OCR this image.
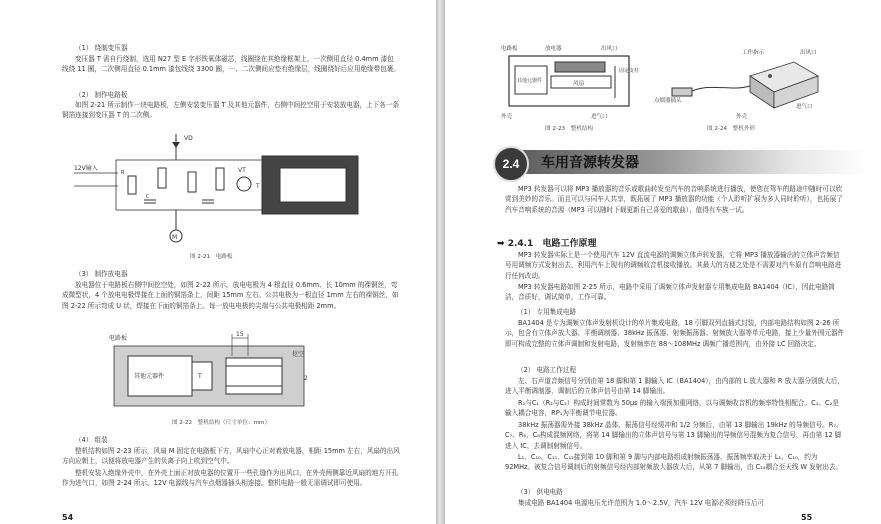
（1） 绕制变压器

变压器 T 需自行绕制，选用 N27 型 E 字形铁氧体磁芯，线圈绕在其绝缘框架上，一次侧用直径 0.4mm 漆包线绕 11 圈，二次侧用直径 0.1mm 漆包线绕 3300 圈，一、二次侧间应垫有绝缘层，线圈绕好后应用绝缘带包裹。

（2） 制作电路板

如图 2-21 所示制作一块电路板，左侧安装变压器 T 及其他元器件，右侧中间挖空用于安装放电器，上下各一条铜箔连接到变压器 T 的二次侧。

12V输入
VD
R
C
VT
T
M
图 2-21　电路板
（3） 制作放电器

放电器位于电路板右侧中间挖空处，如图 2-22 所示。放电电极为 4 根直径 0.6mm、长 10mm 的裸铜丝，弯成微型状，4 个放电电极焊接在上面的铜箔条上，间距 15mm 左右。公共电极为一根直径 1mm 左右的裸铜丝，如图 2-22 所示弯成 U 状，焊接在下面的铜箔条上。每一放电电极的尖端与公共电极相距 2mm。

电路板
其他元器件	T
15
挖空
2
图 2-22　整机结构（尺寸单位：mm）
（4） 组装

整机结构如图 2-23 所示，风扇 M 固定在电路板下方，风扇中心正对着放电器，相距 15mm 左右，风扇的出风方向应朝上，以便将放电器产生的负离子向上吹到空气中。

整机安装入绝缘外壳中，在外壳上面正对放电器的位置开一些孔缝作为出风口，在外壳两侧靠近风扇的地方开孔作为进气口，如图 2-24 所示。12V 电源线与汽车点烟器插头相连接。整机电路一般无需调试即可使用。

54
电路板	放电器	出风口
其他元器件	风扇
固定支柱
外壳	进气口
图 2-23　整机结构
工作指示	出风口
点烟器插头
外壳
进气口
图 2-24　整机外形
2.4	车用音源转发器

MP3 转发器可以将 MP3 播放器的音乐或歌曲转发至汽车的音响系统进行播放，使您在驾车的路途中随时可以欣赏到美妙的音乐。而且可以与同车人共享，既拓展了 MP3 播放器的功能（个人聆听扩展为多人同时聆听），也拓展了汽车音响系统的音源（MP3 可以随时下载更新自己喜爱的歌曲），值得有车族一试。

➡ 2.4.1 电路工作原理

MP3 转发器实际上是一个使用汽车 12V 直流电源的调频立体声转发器，它将 MP3 播放器输出的立体声音频信号用调频方式发射出去，利用汽车上现有的调频收音机接收播放。其最大的方便之处是不需要对汽车原有音响电路进行任何改动。

MP3 转发器电路如图 2-25 所示，电路中采用了调频立体声发射器专用集成电路 BA1404（IC），因此电路简洁，音质好，调试简单，工作可靠。

（1） 专用集成电路

BA1404 是专为调频立体声发射机设计的单片集成电路，18 引脚双列直插式封装，内部电路结构如图 2-26 所示，包含有立体声放大器、平衡调制器、38kHz 振荡器、射频振荡器、射频放大器等单元电路，接上少量外围元器件即可构成完整的立体声调制和发射电路，发射频率在 88～108MHz 调频广播范围内，由外接 LC 回路决定。

（2） 电路工作过程

左、右声道音频信号分别由第 18 脚和第 1 脚输入 IC（BA1404），由内部的 L 放大器和 R 放大器分别放大后，进入平衡调制器，调制后的立体声信号由第 14 脚输出。

R₁与C₁（R₂与C₂）构成时间常数为 50μs 的输入端预加重网络，以与调频收音机的频率特性相配合。C₁、C₂是输入耦合电容，RP₁为平衡调节电位器。

38kHz 振荡器需外接 38kHz 晶体，振荡信号经缓冲和 1/2 分频后，由第 13 脚输出 19kHz 的导频信号。R₇、C₇、R₈、C₈构成混频网络，将第 14 脚输出的立体声信号与第 13 脚输出的导频信号混频为复合信号，再由第 12 脚进入 IC，去调制射频信号。

L₁、C₁₀、C₁₁、C₁₂接到第 10 脚和第 9 脚与内部电路组成射频振荡器，振荡频率取决于 L₁、C₁₀，约为 92MHz。被复合信号调制后的射频信号经内部射频放大器放大后，从第 7 脚输出，由 C₁₄耦合至天线 W 发射出去。

（3） 供电电路

集成电路 BA1404 电源电压允许范围为 1.0～2.5V，汽车 12V 电源必须经降压后可

55
